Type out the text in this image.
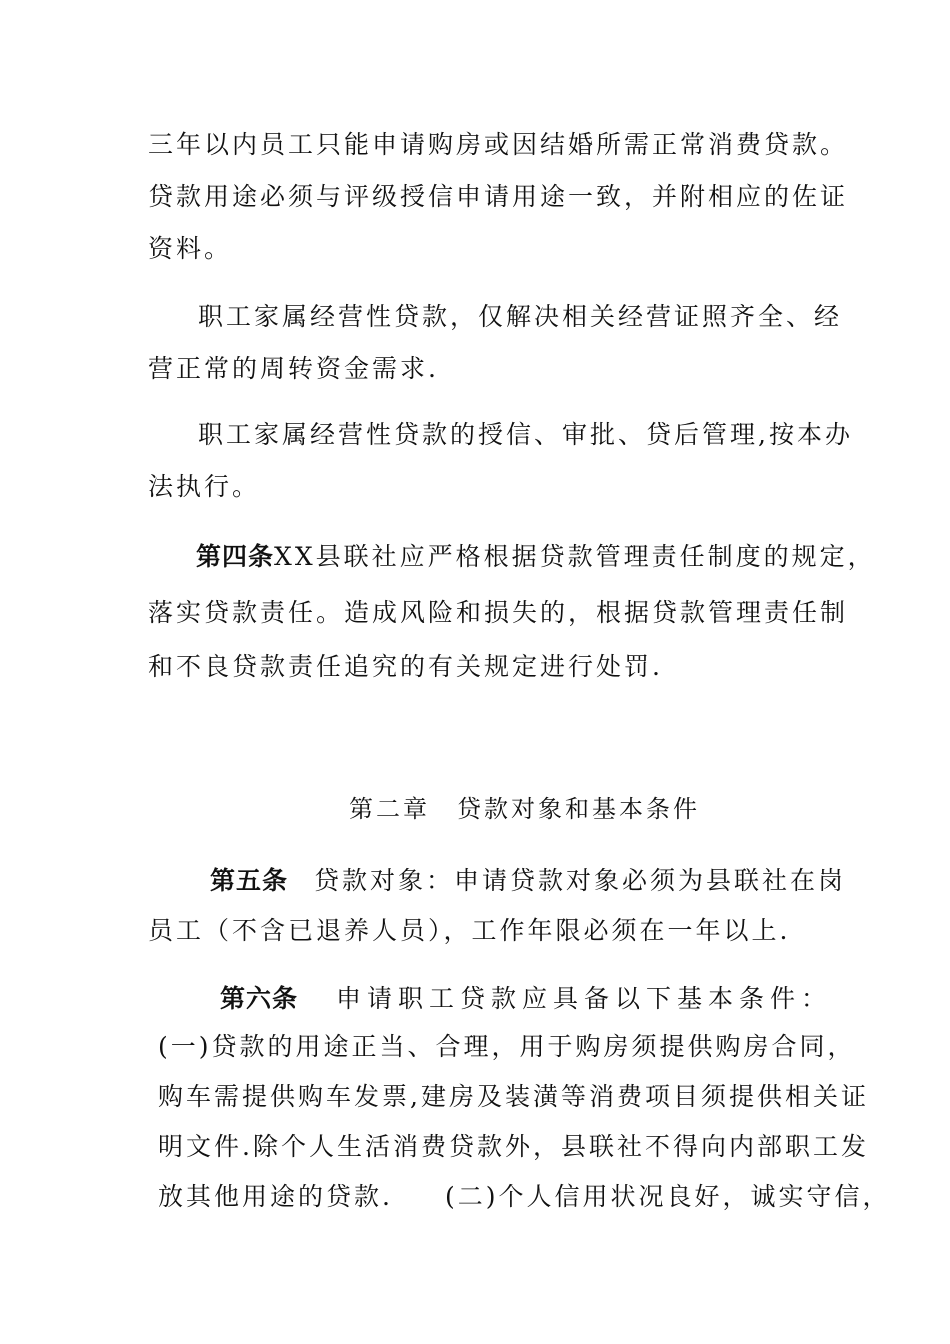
三年以内员工只能申请购房或因结婚所需正常消费贷款。

贷款用途必须与评级授信申请用途一致，并附相应的佐证

资料。

职工家属经营性贷款，仅解决相关经营证照齐全、经

营正常的周转资金需求.

职工家属经营性贷款的授信、审批、贷后管理,按本办

法执行。

第四条XX县联社应严格根据贷款管理责任制度的规定，

落实贷款责任。造成风险和损失的，根据贷款管理责任制

和不良贷款责任追究的有关规定进行处罚.

第二章　贷款对象和基本条件

第五条 贷款对象：申请贷款对象必须为县联社在岗

员工（不含已退养人员），工作年限必须在一年以上.

第六条 申请职工贷款应具备以下基本条件：

(一)贷款的用途正当、合理，用于购房须提供购房合同，

购车需提供购车发票,建房及装潢等消费项目须提供相关证

明文件.除个人生活消费贷款外，县联社不得向内部职工发

放其他用途的贷款. (二)个人信用状况良好，诚实守信，
